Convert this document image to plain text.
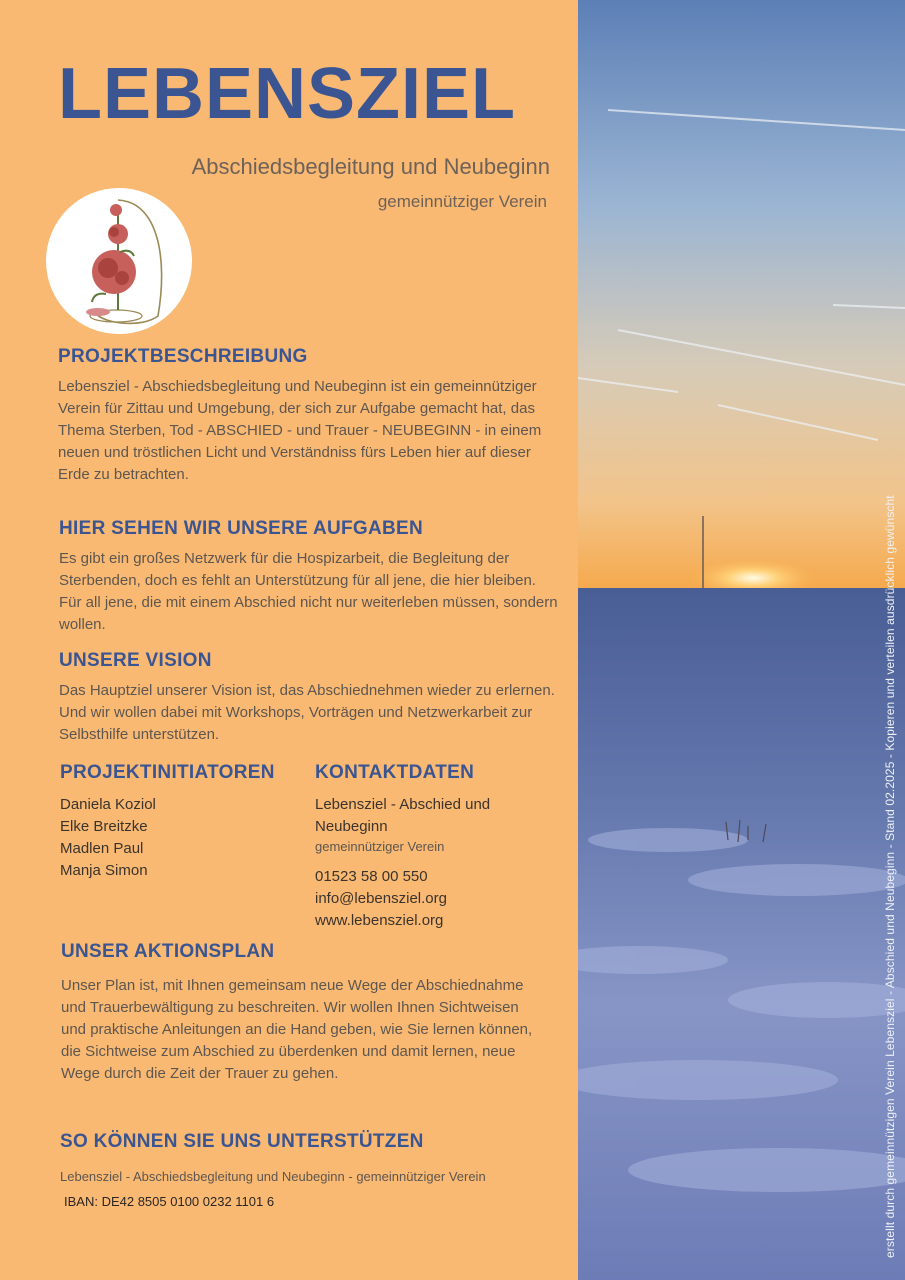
LEBENSZIEL
Abschiedsbegleitung und Neubeginn
gemeinnütziger Verein
PROJEKTBESCHREIBUNG

Lebensziel - Abschiedsbegleitung und Neubeginn ist ein gemeinnütziger Verein für Zittau und Umgebung, der sich zur Aufgabe gemacht hat, das Thema Sterben, Tod - ABSCHIED - und Trauer - NEUBEGINN - in einem neuen und tröstlichen Licht und Verständniss fürs Leben hier auf dieser Erde zu betrachten.

HIER SEHEN WIR UNSERE AUFGABEN

Es gibt ein großes Netzwerk für die Hospizarbeit, die Begleitung der Sterbenden, doch es fehlt an Unterstützung für all jene, die hier bleiben. Für all jene, die mit einem Abschied nicht nur weiterleben müssen, sondern wollen.

UNSERE VISION

Das Hauptziel unserer Vision ist, das Abschiednehmen wieder zu erlernen. Und wir wollen dabei mit Workshops, Vorträgen und Netzwerkarbeit zur Selbsthilfe unterstützen.

PROJEKTINITIATOREN
Daniela Koziol
Elke Breitzke
Madlen Paul
Manja Simon
KONTAKTDATEN
Lebensziel - Abschied und Neubeginn
gemeinnütziger Verein
01523 58 00 550
info@lebensziel.org
www.lebensziel.org
UNSER AKTIONSPLAN

Unser Plan ist, mit Ihnen gemeinsam neue Wege der Abschiednahme und Trauerbewältigung zu beschreiten. Wir wollen Ihnen Sichtweisen und praktische Anleitungen an die Hand geben, wie Sie lernen können, die Sichtweise zum Abschied zu überdenken und damit lernen, neue Wege durch die Zeit der Trauer zu gehen.

SO KÖNNEN SIE UNS UNTERSTÜTZEN
Lebensziel - Abschiedsbegleitung und Neubeginn - gemeinnütziger Verein
IBAN: DE42 8505 0100 0232 1101 6	erstellt durch gemeinnützigen Verein Lebensziel - Abschied und Neubeginn - Stand 02.2025 - Kopieren und verteilen ausdrücklich gewünscht
